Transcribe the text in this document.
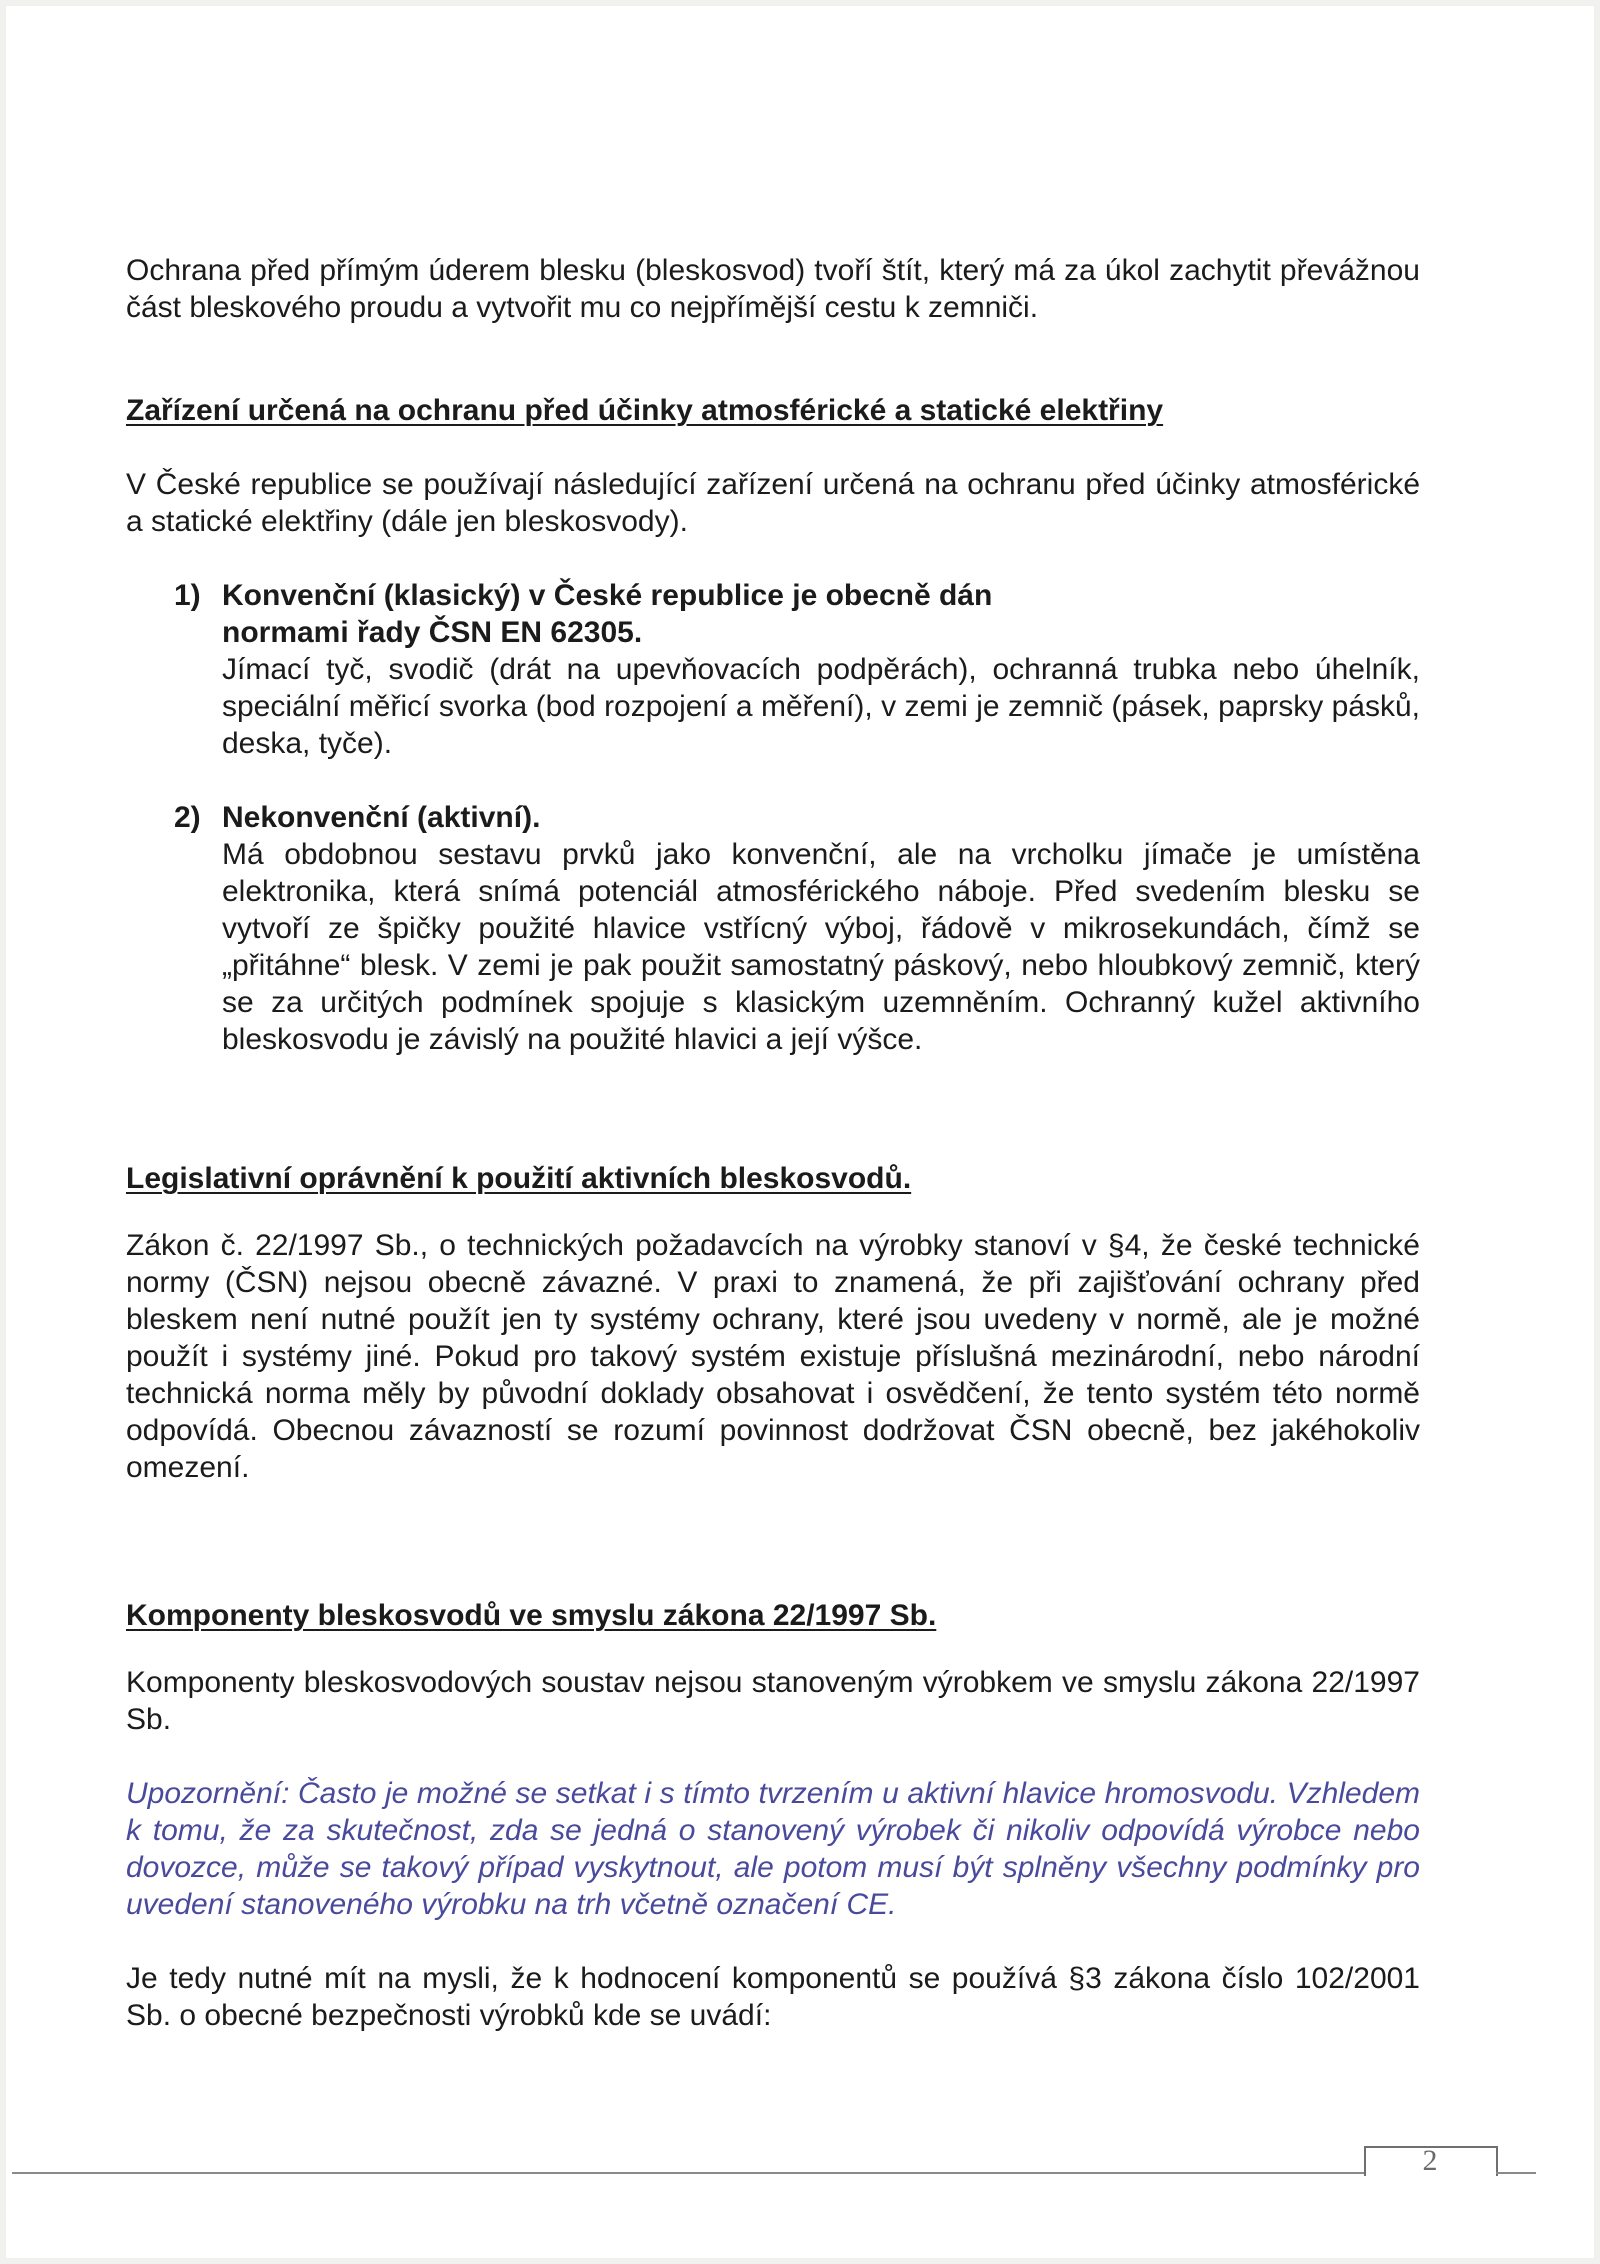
Ochrana před přímým úderem blesku (bleskosvod) tvoří štít, který má za úkol zachytit převážnou část bleskového proudu a vytvořit mu co nejpřímější cestu k zemniči.

Zařízení určená na ochranu před účinky atmosférické a statické elektřiny

V České republice se používají následující zařízení určená na ochranu před účinky atmosférické a statické elektřiny (dále jen bleskosvody).

1) Konvenční (klasický) v České republice je obecně dán normami řady ČSN EN 62305.

Jímací tyč, svodič (drát na upevňovacích podpěrách), ochranná trubka nebo úhelník, speciální měřicí svorka (bod rozpojení a měření), v zemi je zemnič (pásek, paprsky pásků, deska, tyče).

2) Nekonvenční (aktivní).

Má obdobnou sestavu prvků jako konvenční, ale na vrcholku jímače je umístěna elektronika, která snímá potenciál atmosférického náboje. Před svedením blesku se vytvoří ze špičky použité hlavice vstřícný výboj, řádově v mikrosekundách, čímž se „přitáhne“ blesk. V zemi je pak použit samostatný páskový, nebo hloubkový zemnič, který se za určitých podmínek spojuje s klasickým uzemněním. Ochranný kužel aktivního bleskosvodu je závislý na použité hlavici a její výšce.

Legislativní oprávnění k použití aktivních bleskosvodů.

Zákon č. 22/1997 Sb., o technických požadavcích na výrobky stanoví v §4, že české technické normy (ČSN) nejsou obecně závazné. V praxi to znamená, že při zajišťování ochrany před bleskem není nutné použít jen ty systémy ochrany, které jsou uvedeny v normě, ale je možné použít i systémy jiné. Pokud pro takový systém existuje příslušná mezinárodní, nebo národní technická norma měly by původní doklady obsahovat i osvědčení, že tento systém této normě odpovídá. Obecnou závazností se rozumí povinnost dodržovat ČSN obecně, bez jakéhokoliv omezení.

Komponenty bleskosvodů ve smyslu zákona 22/1997 Sb.

Komponenty bleskosvodových soustav nejsou stanoveným výrobkem ve smyslu zákona 22/1997 Sb.

Upozornění: Často je možné se setkat i s tímto tvrzením u aktivní hlavice hromosvodu. Vzhledem k tomu, že za skutečnost, zda se jedná o stanovený výrobek či nikoliv odpovídá výrobce nebo dovozce, může se takový případ vyskytnout, ale potom musí být splněny všechny podmínky pro uvedení stanoveného výrobku na trh včetně označení CE.

Je tedy nutné mít na mysli, že k hodnocení komponentů se používá §3 zákona číslo 102/2001 Sb. o obecné bezpečnosti výrobků kde se uvádí:

2
